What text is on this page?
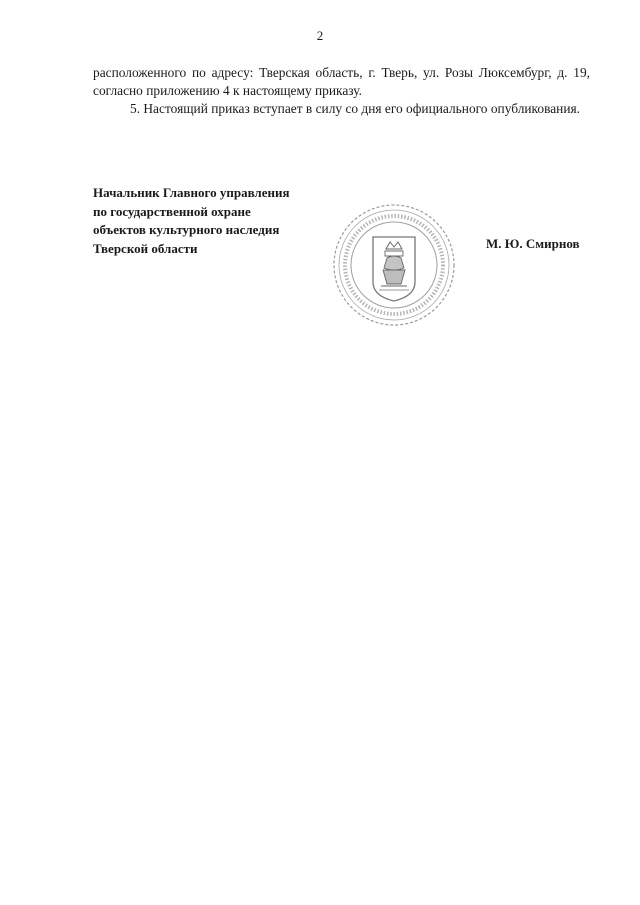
2

расположенного по адресу: Тверская область, г. Тверь, ул. Розы Люксембург, д. 19, согласно приложению 4 к настоящему приказу.

5. Настоящий приказ вступает в силу со дня его официального опубликования.

Начальник Главного управления
по государственной охране
объектов культурного наследия
Тверской области	М. Ю. Смирнов
